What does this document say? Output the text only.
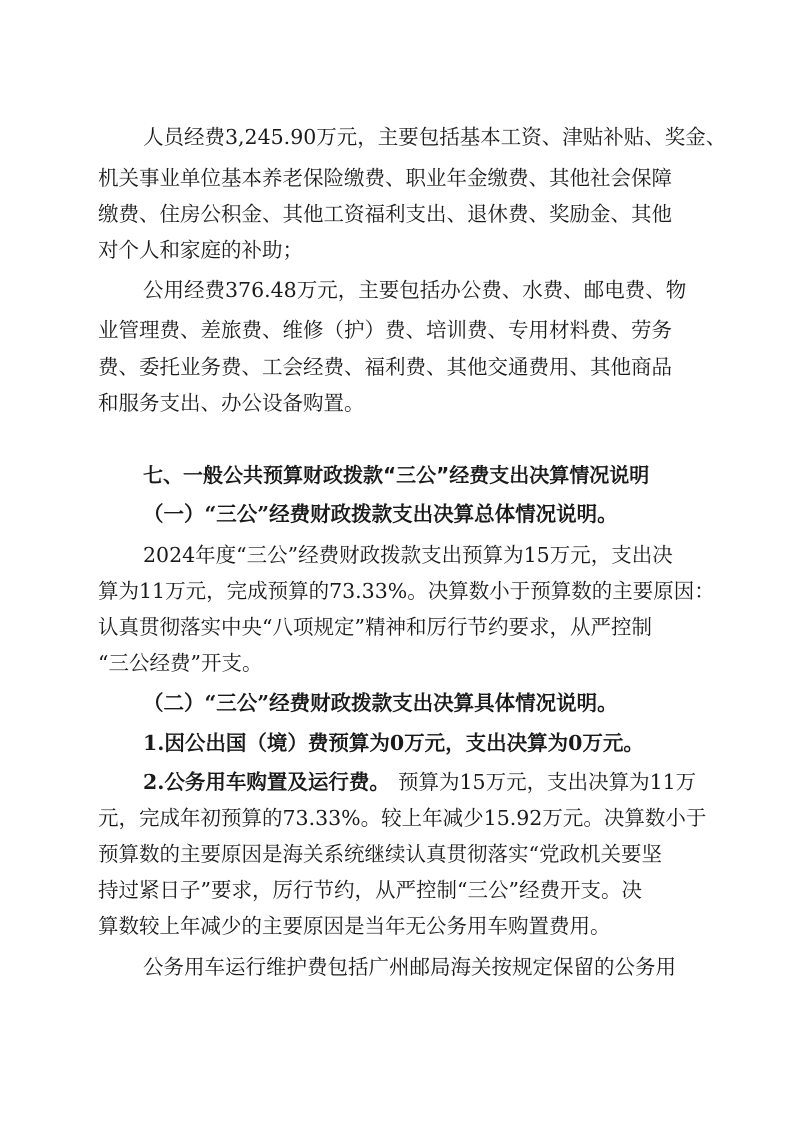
人员经费3,245.90万元，主要包括基本工资、津贴补贴、奖金、
机关事业单位基本养老保险缴费、职业年金缴费、其他社会保障
缴费、住房公积金、其他工资福利支出、退休费、奖励金、其他
对个人和家庭的补助；
公用经费376.48万元，主要包括办公费、水费、邮电费、物
业管理费、差旅费、维修（护）费、培训费、专用材料费、劳务
费、委托业务费、工会经费、福利费、其他交通费用、其他商品
和服务支出、办公设备购置。
七、一般公共预算财政拨款“三公”经费支出决算情况说明
（一）“三公”经费财政拨款支出决算总体情况说明。
2024年度“三公”经费财政拨款支出预算为15万元，支出决
算为11万元，完成预算的73.33%。决算数小于预算数的主要原因：
认真贯彻落实中央“八项规定”精神和厉行节约要求，从严控制
“三公经费”开支。
（二）“三公”经费财政拨款支出决算具体情况说明。
1.因公出国（境）费预算为0万元，支出决算为0万元。
2.公务用车购置及运行费。 预算为15万元，支出决算为11万
元，完成年初预算的73.33%。较上年减少15.92万元。决算数小于
预算数的主要原因是海关系统继续认真贯彻落实“党政机关要坚
持过紧日子”要求，厉行节约，从严控制“三公”经费开支。决
算数较上年减少的主要原因是当年无公务用车购置费用。
公务用车运行维护费包括广州邮局海关按规定保留的公务用
